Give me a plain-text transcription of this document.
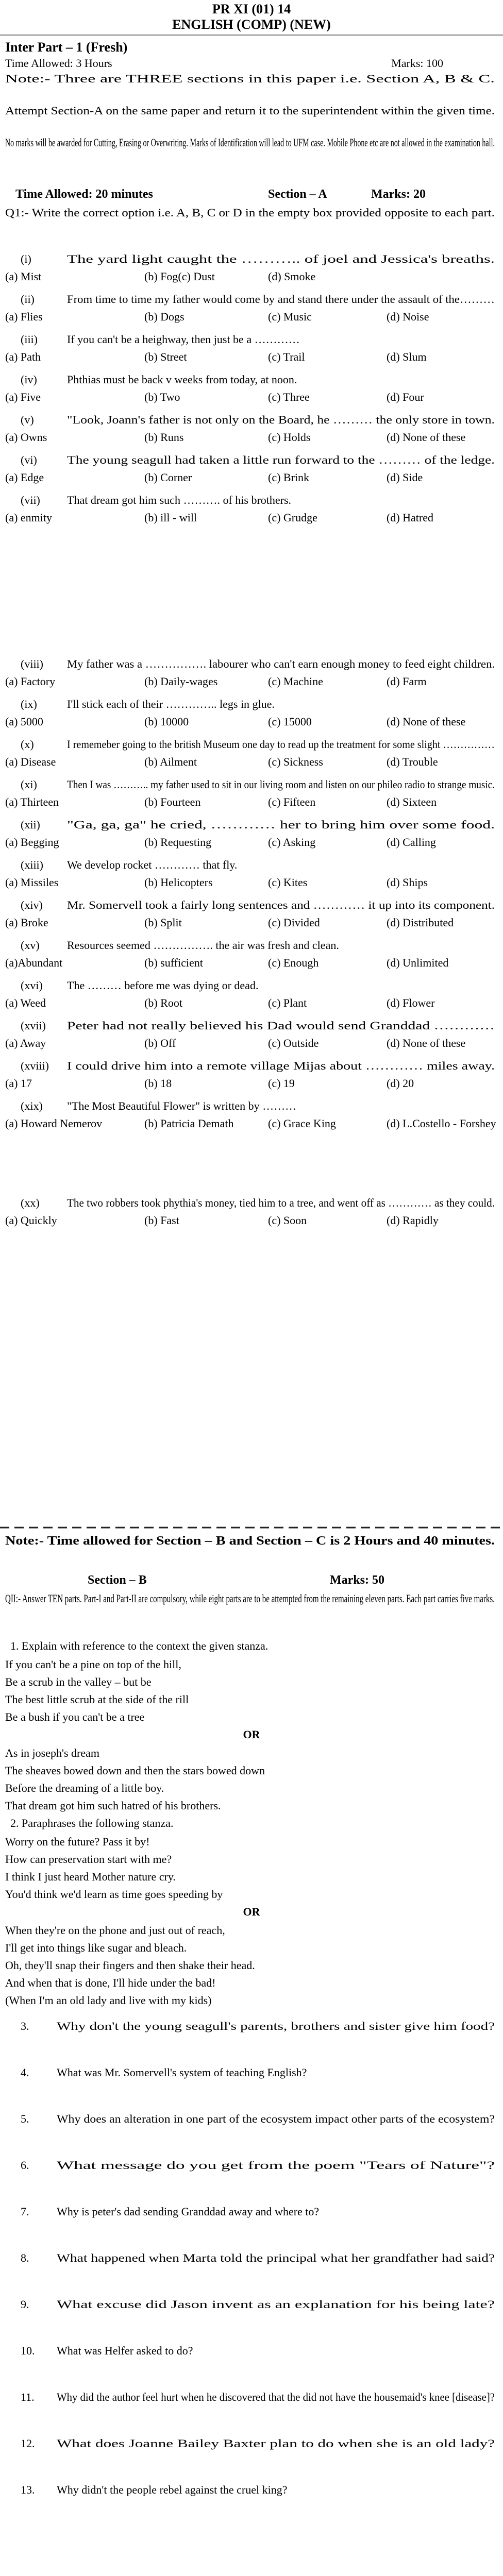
PR XI (01) 14
ENGLISH (COMP) (NEW)
Inter Part – 1 (Fresh)
Time Allowed: 3 Hours	Marks: 100
Note:- Three are THREE sections in this paper i.e. Section A, B & C.
Attempt Section-A on the same paper and return it to the superintendent within the given time.
No marks will be awarded for Cutting, Erasing or Overwriting. Marks of Identification will lead to UFM case. Mobile Phone etc are not allowed in the examination hall.
Time Allowed: 20 minutes	Section – A	Marks: 20
Q1:- Write the correct option i.e. A, B, C or D in the empty box provided opposite to each part.
(i)	The yard light caught the ……….. of joel and Jessica's breaths.
(a) Mist	(b) Fog(c) Dust	(d) Smoke
(ii)	From time to time my father would come by and stand there under the assault of the………
(a) Flies	(b) Dogs	(c) Music	(d) Noise
(iii)	If you can't be a heighway, then just be a …………
(a) Path	(b) Street	(c) Trail	(d) Slum
(iv)	Phthias must be back v weeks from today, at noon.
(a) Five	(b) Two	(c) Three	(d) Four
(v)	"Look, Joann's father is not only on the Board, he ……… the only store in town.
(a) Owns	(b) Runs	(c) Holds	(d) None of these
(vi)	The young seagull had taken a little run forward to the ……… of the ledge.
(a) Edge	(b) Corner	(c) Brink	(d) Side
(vii) That dream got him such ………. of his brothers.
(a) enmity	(b) ill - will	(c) Grudge	(d) Hatred
(viii) My father was a ……………. labourer who can't earn enough money to feed eight children.
(a) Factory	(b) Daily-wages	(c) Machine	(d) Farm
(ix)	I'll stick each of their ………….. legs in glue.
(a) 5000	(b) 10000	(c) 15000	(d) None of these
(x)	I rememeber going to the british Museum one day to read up the treatment for some slight ……………
(a) Disease	(b) Ailment	(c) Sickness	(d) Trouble
(xi)	Then I was ……….. my father used to sit in our living room and listen on our phileo radio to strange music.
(a) Thirteen	(b) Fourteen	(c) Fifteen	(d) Sixteen
(xii) "Ga, ga, ga" he cried, ………… her to bring him over some food.
(a) Begging	(b) Requesting	(c) Asking	(d) Calling
(xiii) We develop rocket ………… that fly.
(a) Missiles	(b) Helicopters	(c) Kites	(d) Ships
(xiv) Mr. Somervell took a fairly long sentences and ………… it up into its component.
(a) Broke	(b) Split	(c) Divided	(d) Distributed
(xv) Resources seemed ……………. the air was fresh and clean.
(a)Abundant	(b) sufficient	(c) Enough	(d) Unlimited
(xvi) The ……… before me was dying or dead.
(a) Weed	(b) Root	(c) Plant	(d) Flower
(xvii) Peter had not really believed his Dad would send Granddad …………
(a) Away	(b) Off	(c) Outside	(d) None of these
(xviii) I could drive him into a remote village Mijas about ………… miles away.
(a) 17	(b) 18	(c) 19	(d) 20
(xix) "The Most Beautiful Flower" is written by ………
(a) Howard Nemerov	(b) Patricia Demath	(c) Grace King	(d) L.Costello - Forshey
(xx) The two robbers took phythia's money, tied him to a tree, and went off as ………… as they could.
(a) Quickly	(b) Fast	(c) Soon	(d) Rapidly
Note:- Time allowed for Section – B and Section – C is 2 Hours and 40 minutes.
Section – B	Marks: 50
QII:- Answer TEN parts. Part-I and Part-II are compulsory, while eight parts are to be attempted from the remaining eleven parts. Each part carries five marks.
1. Explain with reference to the context the given stanza.
If you can't be a pine on top of the hill,
Be a scrub in the valley – but be
The best little scrub at the side of the rill
Be a bush if you can't be a tree
OR
As in joseph's dream
The sheaves bowed down and then the stars bowed down
Before the dreaming of a little boy.
That dream got him such hatred of his brothers.
2. Paraphrases the following stanza.
Worry on the future? Pass it by!
How can preservation start with me?
I think I just heard Mother nature cry.
You'd think we'd learn as time goes speeding by
OR
When they're on the phone and just out of reach,
I'll get into things like sugar and bleach.
Oh, they'll snap their fingers and then shake their head.
And when that is done, I'll hide under the bad!
(When I'm an old lady and live with my kids)
3. Why don't the young seagull's parents, brothers and sister give him food?
4. What was Mr. Somervell's system of teaching English?
5. Why does an alteration in one part of the ecosystem impact other parts of the ecosystem?
6. What message do you get from the poem "Tears of Nature"?
7. Why is peter's dad sending Granddad away and where to?
8. What happened when Marta told the principal what her grandfather had said?
9. What excuse did Jason invent as an explanation for his being late?
10. What was Helfer asked to do?
11. Why did the author feel hurt when he discovered that the did not have the housemaid's knee [disease]?
12. What does Joanne Bailey Baxter plan to do when she is an old lady?
13. Why didn't the people rebel against the cruel king?
